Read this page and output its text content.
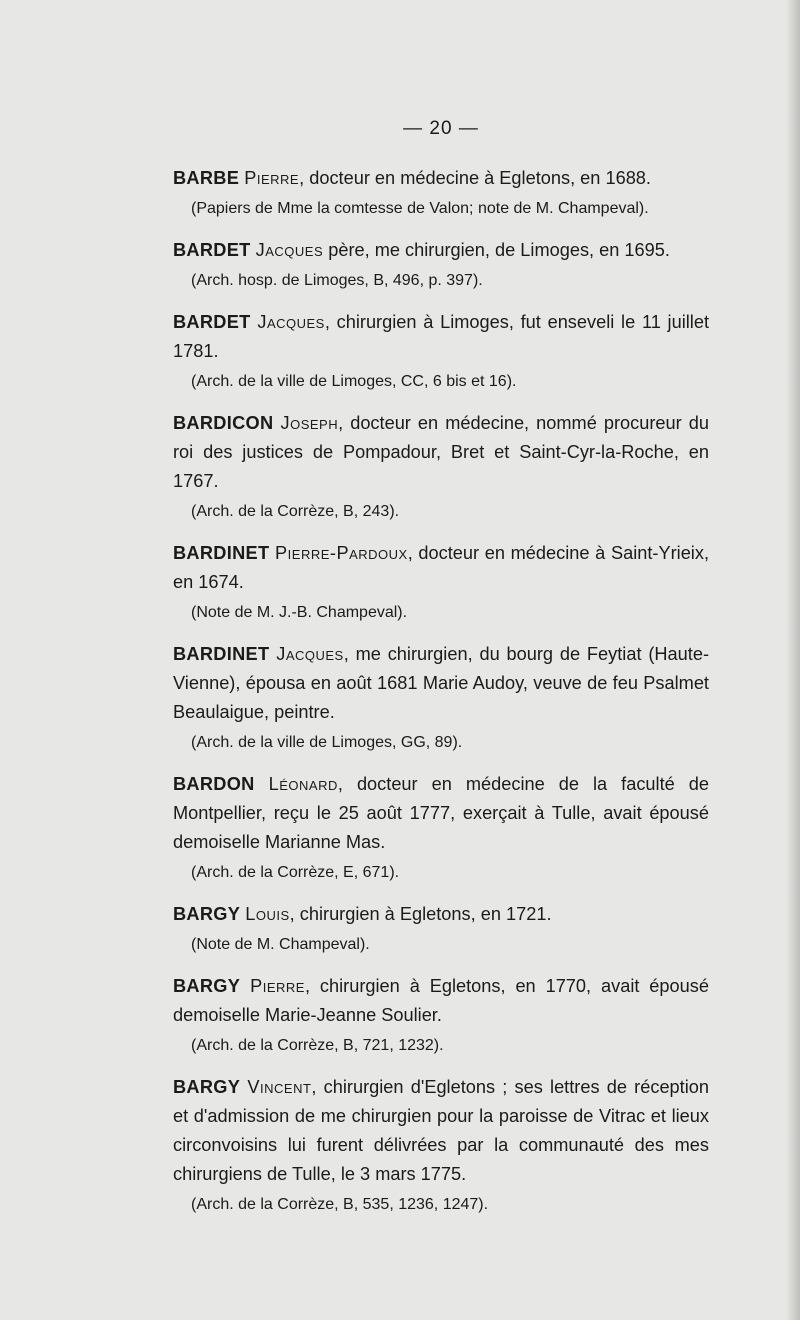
— 20 —

BARBE Pierre, docteur en médecine à Egletons, en 1688.

(Papiers de Mme la comtesse de Valon; note de M. Champeval).

BARDET Jacques père, me chirurgien, de Limoges, en 1695.

(Arch. hosp. de Limoges, B, 496, p. 397).

BARDET Jacques, chirurgien à Limoges, fut enseveli le 11 juillet 1781.

(Arch. de la ville de Limoges, CC, 6 bis et 16).

BARDICON Joseph, docteur en médecine, nommé procureur du roi des justices de Pompadour, Bret et Saint-Cyr-la-Roche, en 1767.

(Arch. de la Corrèze, B, 243).

BARDINET Pierre-Pardoux, docteur en médecine à Saint-Yrieix, en 1674.

(Note de M. J.-B. Champeval).

BARDINET Jacques, me chirurgien, du bourg de Feytiat (Haute-Vienne), épousa en août 1681 Marie Audoy, veuve de feu Psalmet Beaulaigue, peintre.

(Arch. de la ville de Limoges, GG, 89).

BARDON Léonard, docteur en médecine de la faculté de Montpellier, reçu le 25 août 1777, exerçait à Tulle, avait épousé demoiselle Marianne Mas.

(Arch. de la Corrèze, E, 671).

BARGY Louis, chirurgien à Egletons, en 1721.

(Note de M. Champeval).

BARGY Pierre, chirurgien à Egletons, en 1770, avait épousé demoiselle Marie-Jeanne Soulier.

(Arch. de la Corrèze, B, 721, 1232).

BARGY Vincent, chirurgien d'Egletons ; ses lettres de réception et d'admission de me chirurgien pour la paroisse de Vitrac et lieux circonvoisins lui furent délivrées par la communauté des mes chirurgiens de Tulle, le 3 mars 1775.

(Arch. de la Corrèze, B, 535, 1236, 1247).
